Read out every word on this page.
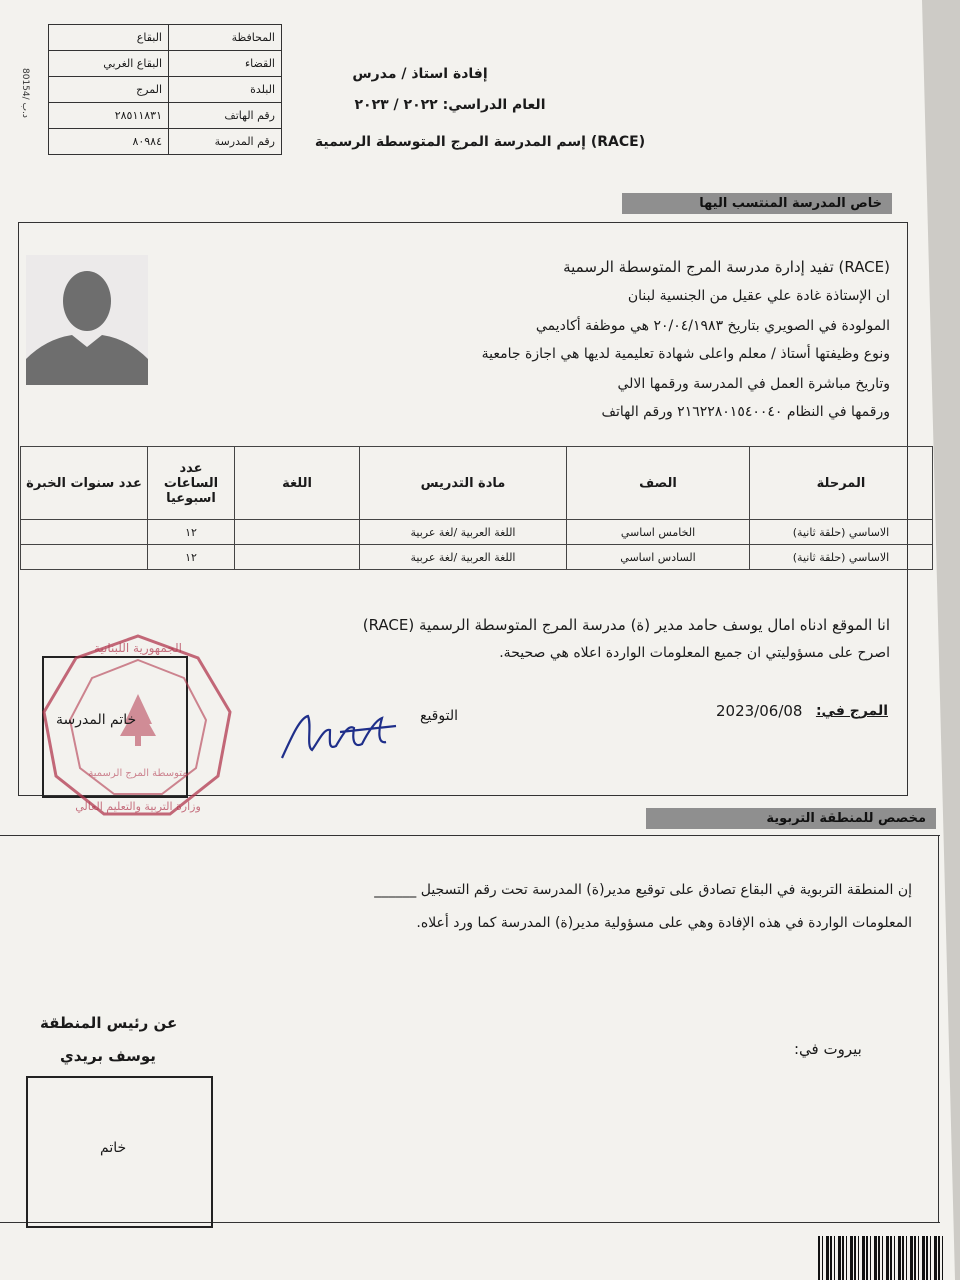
المحافظة	البقاع
القضاء	البقاع الغربي
البلدة	المرج
رقم الهاتف	٢٨٥١١٨٣١
رقم المدرسة	٨٠٩٨٤
80154/ د.ب
إفادة استاذ / مدرس
العام الدراسي: ٢٠٢٢ / ٢٠٢٣
(RACE) إسم المدرسة المرج المتوسطة الرسمية
خاص المدرسة المنتسب اليها
(RACE) تفيد إدارة مدرسة المرج المتوسطة الرسمية
ان الإستاذة غادة علي عقيل من الجنسية لبنان
المولودة في الصويري بتاريخ ٢٠/٠٤/١٩٨٣ هي موظفة أكاديمي
ونوع وظيفتها أستاذ / معلم واعلى شهادة تعليمية لديها هي اجازة جامعية
وتاريخ مباشرة العمل في المدرسة ورقمها الالي
ورقمها في النظام ٢١٦٢٢٨٠١٥٤٠٠٤٠ ورقم الهاتف
المرحلة	الصف	مادة التدريس	اللغة	عدد الساعات اسبوعيا	عدد سنوات الخبرة
الاساسي (حلقة ثانية)	الخامس اساسي	اللغة العربية /لغة عربية		١٢	
الاساسي (حلقة ثانية)	السادس اساسي	اللغة العربية /لغة عربية		١٢	
انا الموقع ادناه امال يوسف حامد مدير (ة) مدرسة المرج المتوسطة الرسمية (RACE)
اصرح على مسؤوليتي ان جميع المعلومات الواردة اعلاه هي صحيحة.
المرج في:
2023/06/08
التوقيع
الجمهورية اللبنانية
وزارة التربية والتعليم العالي
متوسطة المرج الرسمية
خاتم المدرسة
مخصص للمنطقة التربوية
إن المنطقة التربوية في البقاع تصادق على توقيع مدير(ة) المدرسة تحت رقم التسجيل ______
المعلومات الواردة في هذه الإفادة وهي على مسؤولية مدير(ة) المدرسة كما ورد أعلاه.
عن رئيس المنطقة
يوسف بريدي	بيروت في:
خاتم
